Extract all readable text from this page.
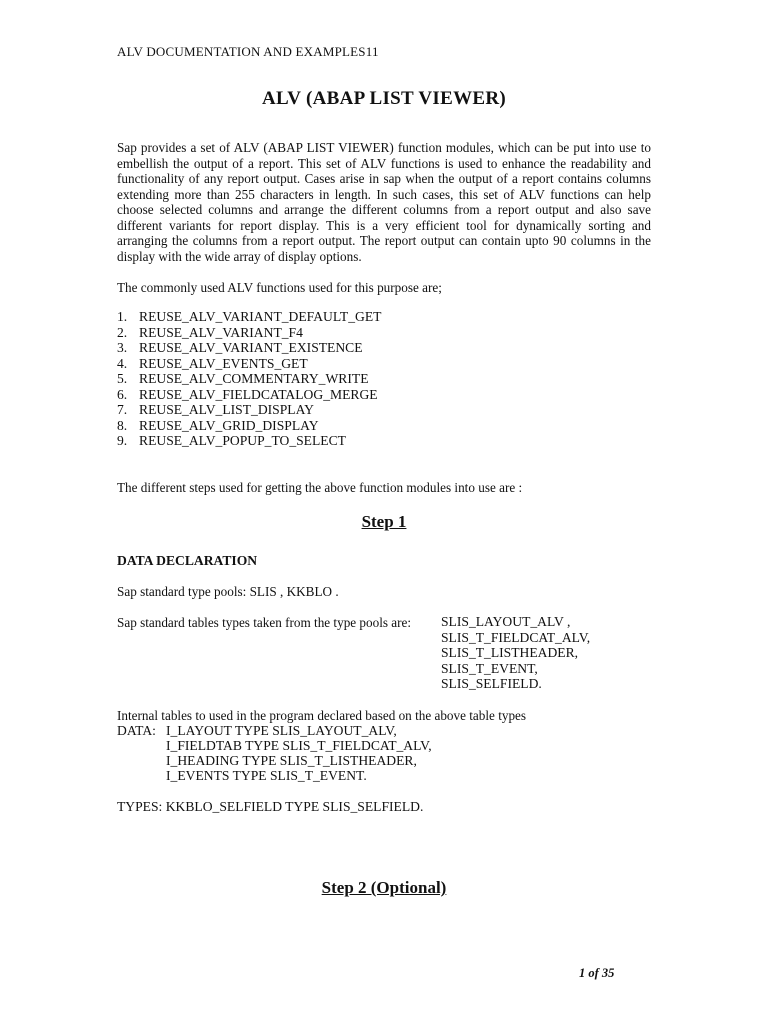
ALV DOCUMENTATION AND EXAMPLES11
ALV (ABAP LIST VIEWER)
Sap provides a set of ALV (ABAP LIST VIEWER) function modules, which can be put into use to embellish the output of a report. This set of ALV functions is used to enhance the readability and functionality of any report output. Cases arise in sap when the output of a report contains columns extending more than 255 characters in length. In such cases, this set of ALV functions can help choose selected columns and arrange the different columns from a report output and also save different variants for report display. This is a very efficient tool for dynamically sorting and arranging the columns from a report output. The report output can contain upto 90 columns in the display with the wide array of display options.
The commonly used ALV functions used for this purpose are;
1. REUSE_ALV_VARIANT_DEFAULT_GET
2. REUSE_ALV_VARIANT_F4
3. REUSE_ALV_VARIANT_EXISTENCE
4. REUSE_ALV_EVENTS_GET
5. REUSE_ALV_COMMENTARY_WRITE
6. REUSE_ALV_FIELDCATALOG_MERGE
7. REUSE_ALV_LIST_DISPLAY
8. REUSE_ALV_GRID_DISPLAY
9. REUSE_ALV_POPUP_TO_SELECT
The different steps used for getting the above function modules into use are :
Step 1
DATA DECLARATION
Sap standard type pools: SLIS , KKBLO .
Sap standard tables types taken from the type pools are: SLIS_LAYOUT_ALV ,
SLIS_T_FIELDCAT_ALV,
SLIS_T_LISTHEADER,
SLIS_T_EVENT,
SLIS_SELFIELD.
Internal tables to used in the program declared based on the above table types
DATA: I_LAYOUT TYPE SLIS_LAYOUT_ALV,
I_FIELDTAB TYPE SLIS_T_FIELDCAT_ALV,
I_HEADING TYPE SLIS_T_LISTHEADER,
I_EVENTS TYPE SLIS_T_EVENT.
TYPES: KKBLO_SELFIELD TYPE SLIS_SELFIELD.
Step 2 (Optional)
1 of 35
